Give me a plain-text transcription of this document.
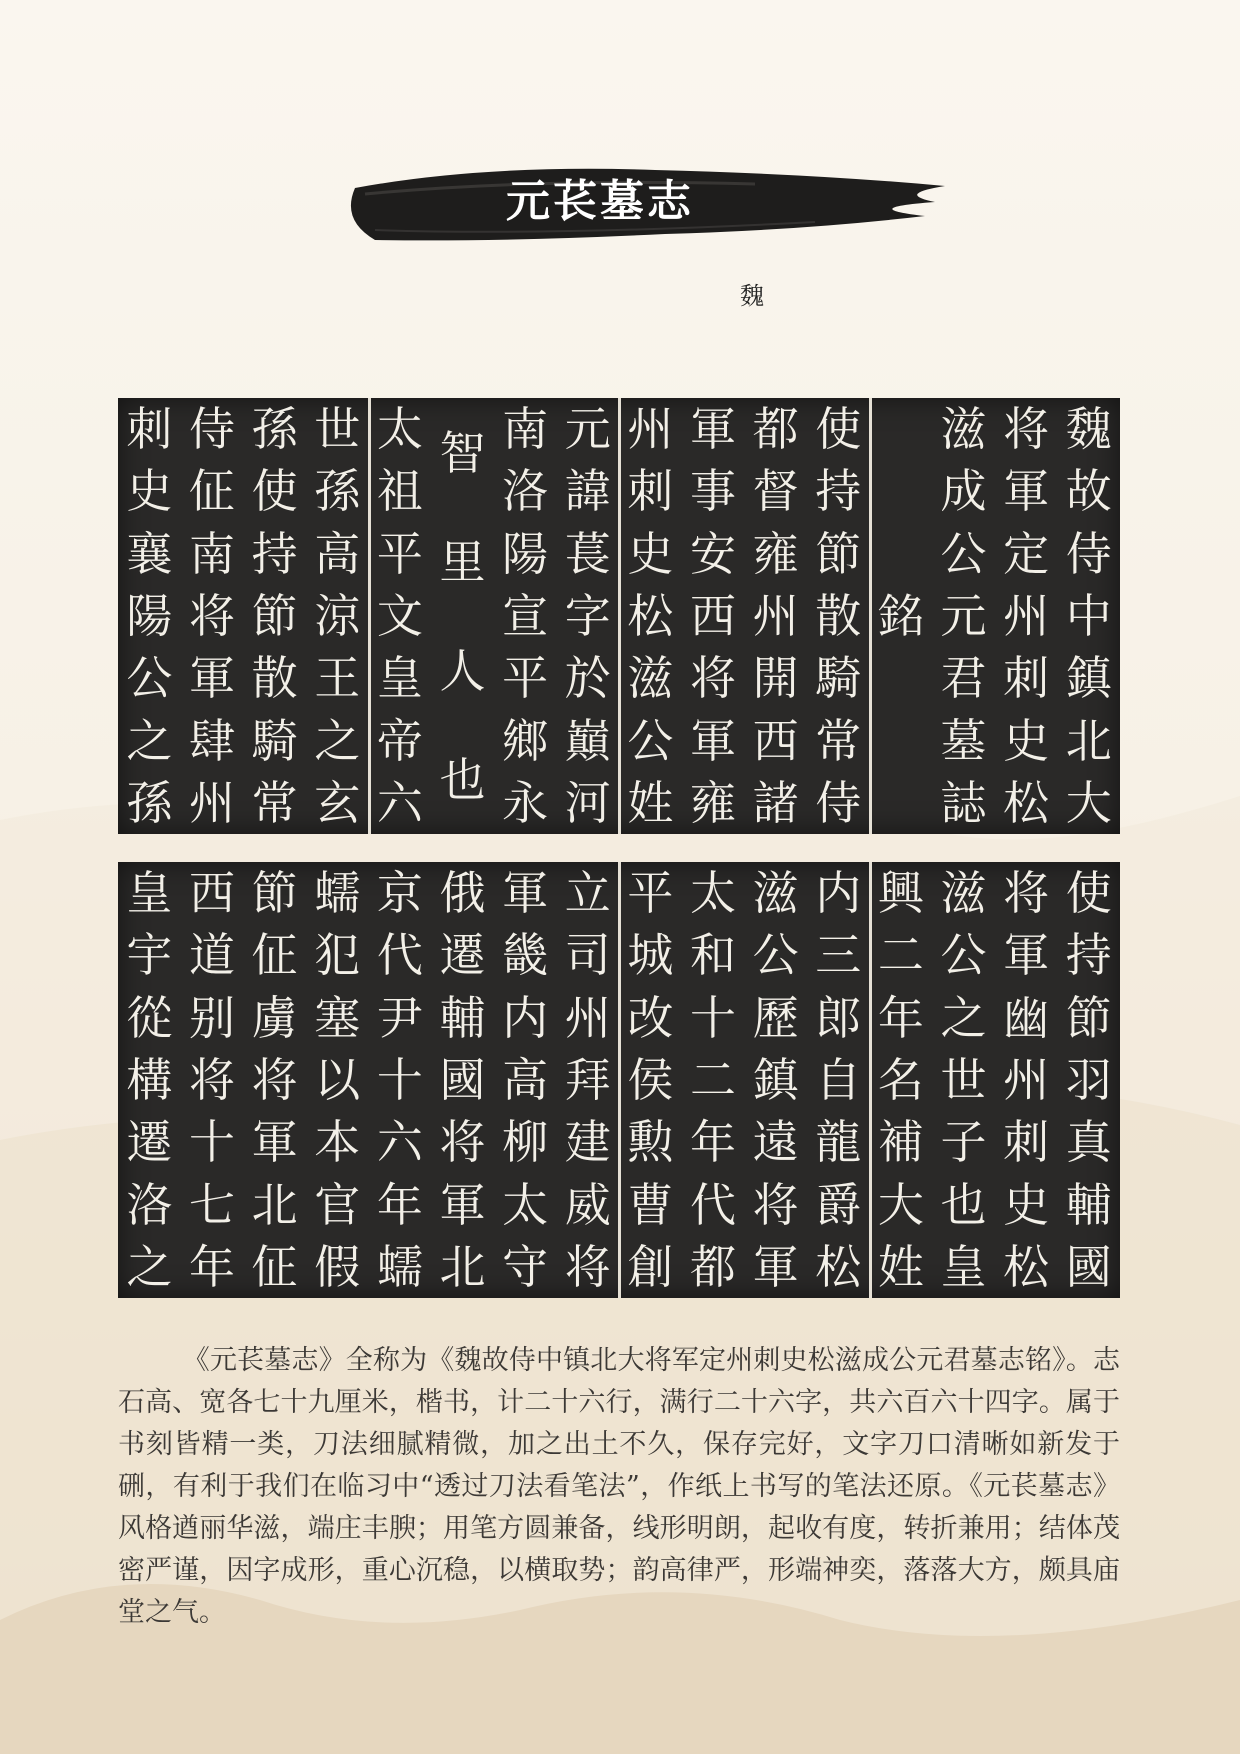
元苌墓志
魏
魏
故
侍
中
鎮
北
大
将
軍
定
州
刺
史
松
滋
成
公
元
君
墓
誌
銘
使
持
節
散
騎
常
侍
都
督
雍
州
開
西
諸
軍
事
安
西
将
軍
雍
州
刺
史
松
滋
公
姓
元
諱
萇
字
於
巔
河
南
洛
陽
宣
平
鄉
永
智
里
人
也
太
祖
平
文
皇
帝
六
世
孫
高
涼
王
之
玄
孫
使
持
節
散
騎
常
侍
佂
南
将
軍
肆
州
刺
史
襄
陽
公
之
孫
使
持
節
羽
真
輔
國
将
軍
幽
州
刺
史
松
滋
公
之
世
子
也
皇
興
二
年
名
補
大
姓
内
三
郎
自
龍
爵
松
滋
公
歷
鎮
遠
将
軍
太
和
十
二
年
代
都
平
城
改
侯
勲
曹
創
立
司
州
拜
建
威
将
軍
畿
内
高
柳
太
守
俄
遷
輔
國
将
軍
北
京
代
尹
十
六
年
蠕
蠕
犯
塞
以
本
官
假
節
佂
虜
将
軍
北
佂
西
道
别
将
十
七
年
皇
宇
從
構
遷
洛
之
《元苌墓志》全称为《魏故侍中镇北大将军定州刺史松滋成公元君墓志铭》。志石高、宽各七十九厘米，楷书，计二十六行，满行二十六字，共六百六十四字。属于书刻皆精一类，刀法细腻精微，加之出土不久，保存完好，文字刀口清晰如新发于硎，有利于我们在临习中“透过刀法看笔法”，作纸上书写的笔法还原。《元苌墓志》风格遒丽华滋，端庄丰腴；用笔方圆兼备，线形明朗，起收有度，转折兼用；结体茂密严谨，因字成形，重心沉稳，以横取势；韵高律严，形端神奕，落落大方，颇具庙堂之气。
